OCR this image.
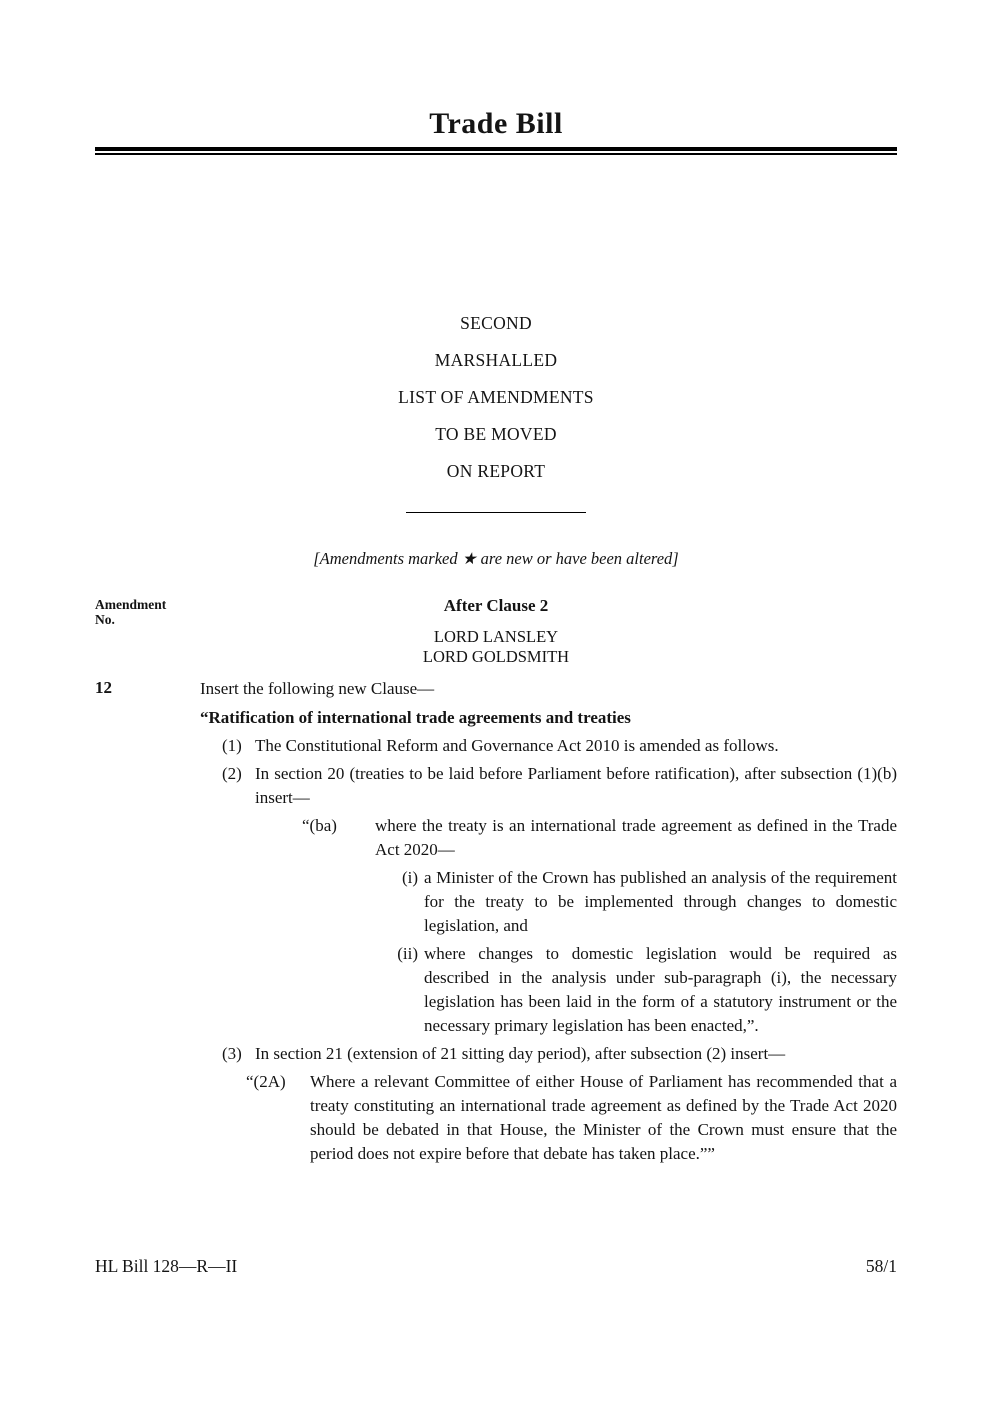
Trade Bill
SECOND
MARSHALLED
LIST OF AMENDMENTS
TO BE MOVED
ON REPORT
[Amendments marked ★ are new or have been altered]
Amendment
No.
After Clause 2
LORD LANSLEY
LORD GOLDSMITH
12	Insert the following new Clause—

“Ratification of international trade agreements and treaties

(1) The Constitutional Reform and Governance Act 2010 is amended as follows.

(2) In section 20 (treaties to be laid before Parliament before ratification), after subsection (1)(b) insert—

“(ba) where the treaty is an international trade agreement as defined in the Trade Act 2020—

(i) a Minister of the Crown has published an analysis of the requirement for the treaty to be implemented through changes to domestic legislation, and

(ii) where changes to domestic legislation would be required as described in the analysis under sub-paragraph (i), the necessary legislation has been laid in the form of a statutory instrument or the necessary primary legislation has been enacted,”.

(3) In section 21 (extension of 21 sitting day period), after subsection (2) insert—

“(2A) Where a relevant Committee of either House of Parliament has recommended that a treaty constituting an international trade agreement as defined by the Trade Act 2020 should be debated in that House, the Minister of the Crown must ensure that the period does not expire before that debate has taken place.””

HL Bill 128—R—II	58/1
